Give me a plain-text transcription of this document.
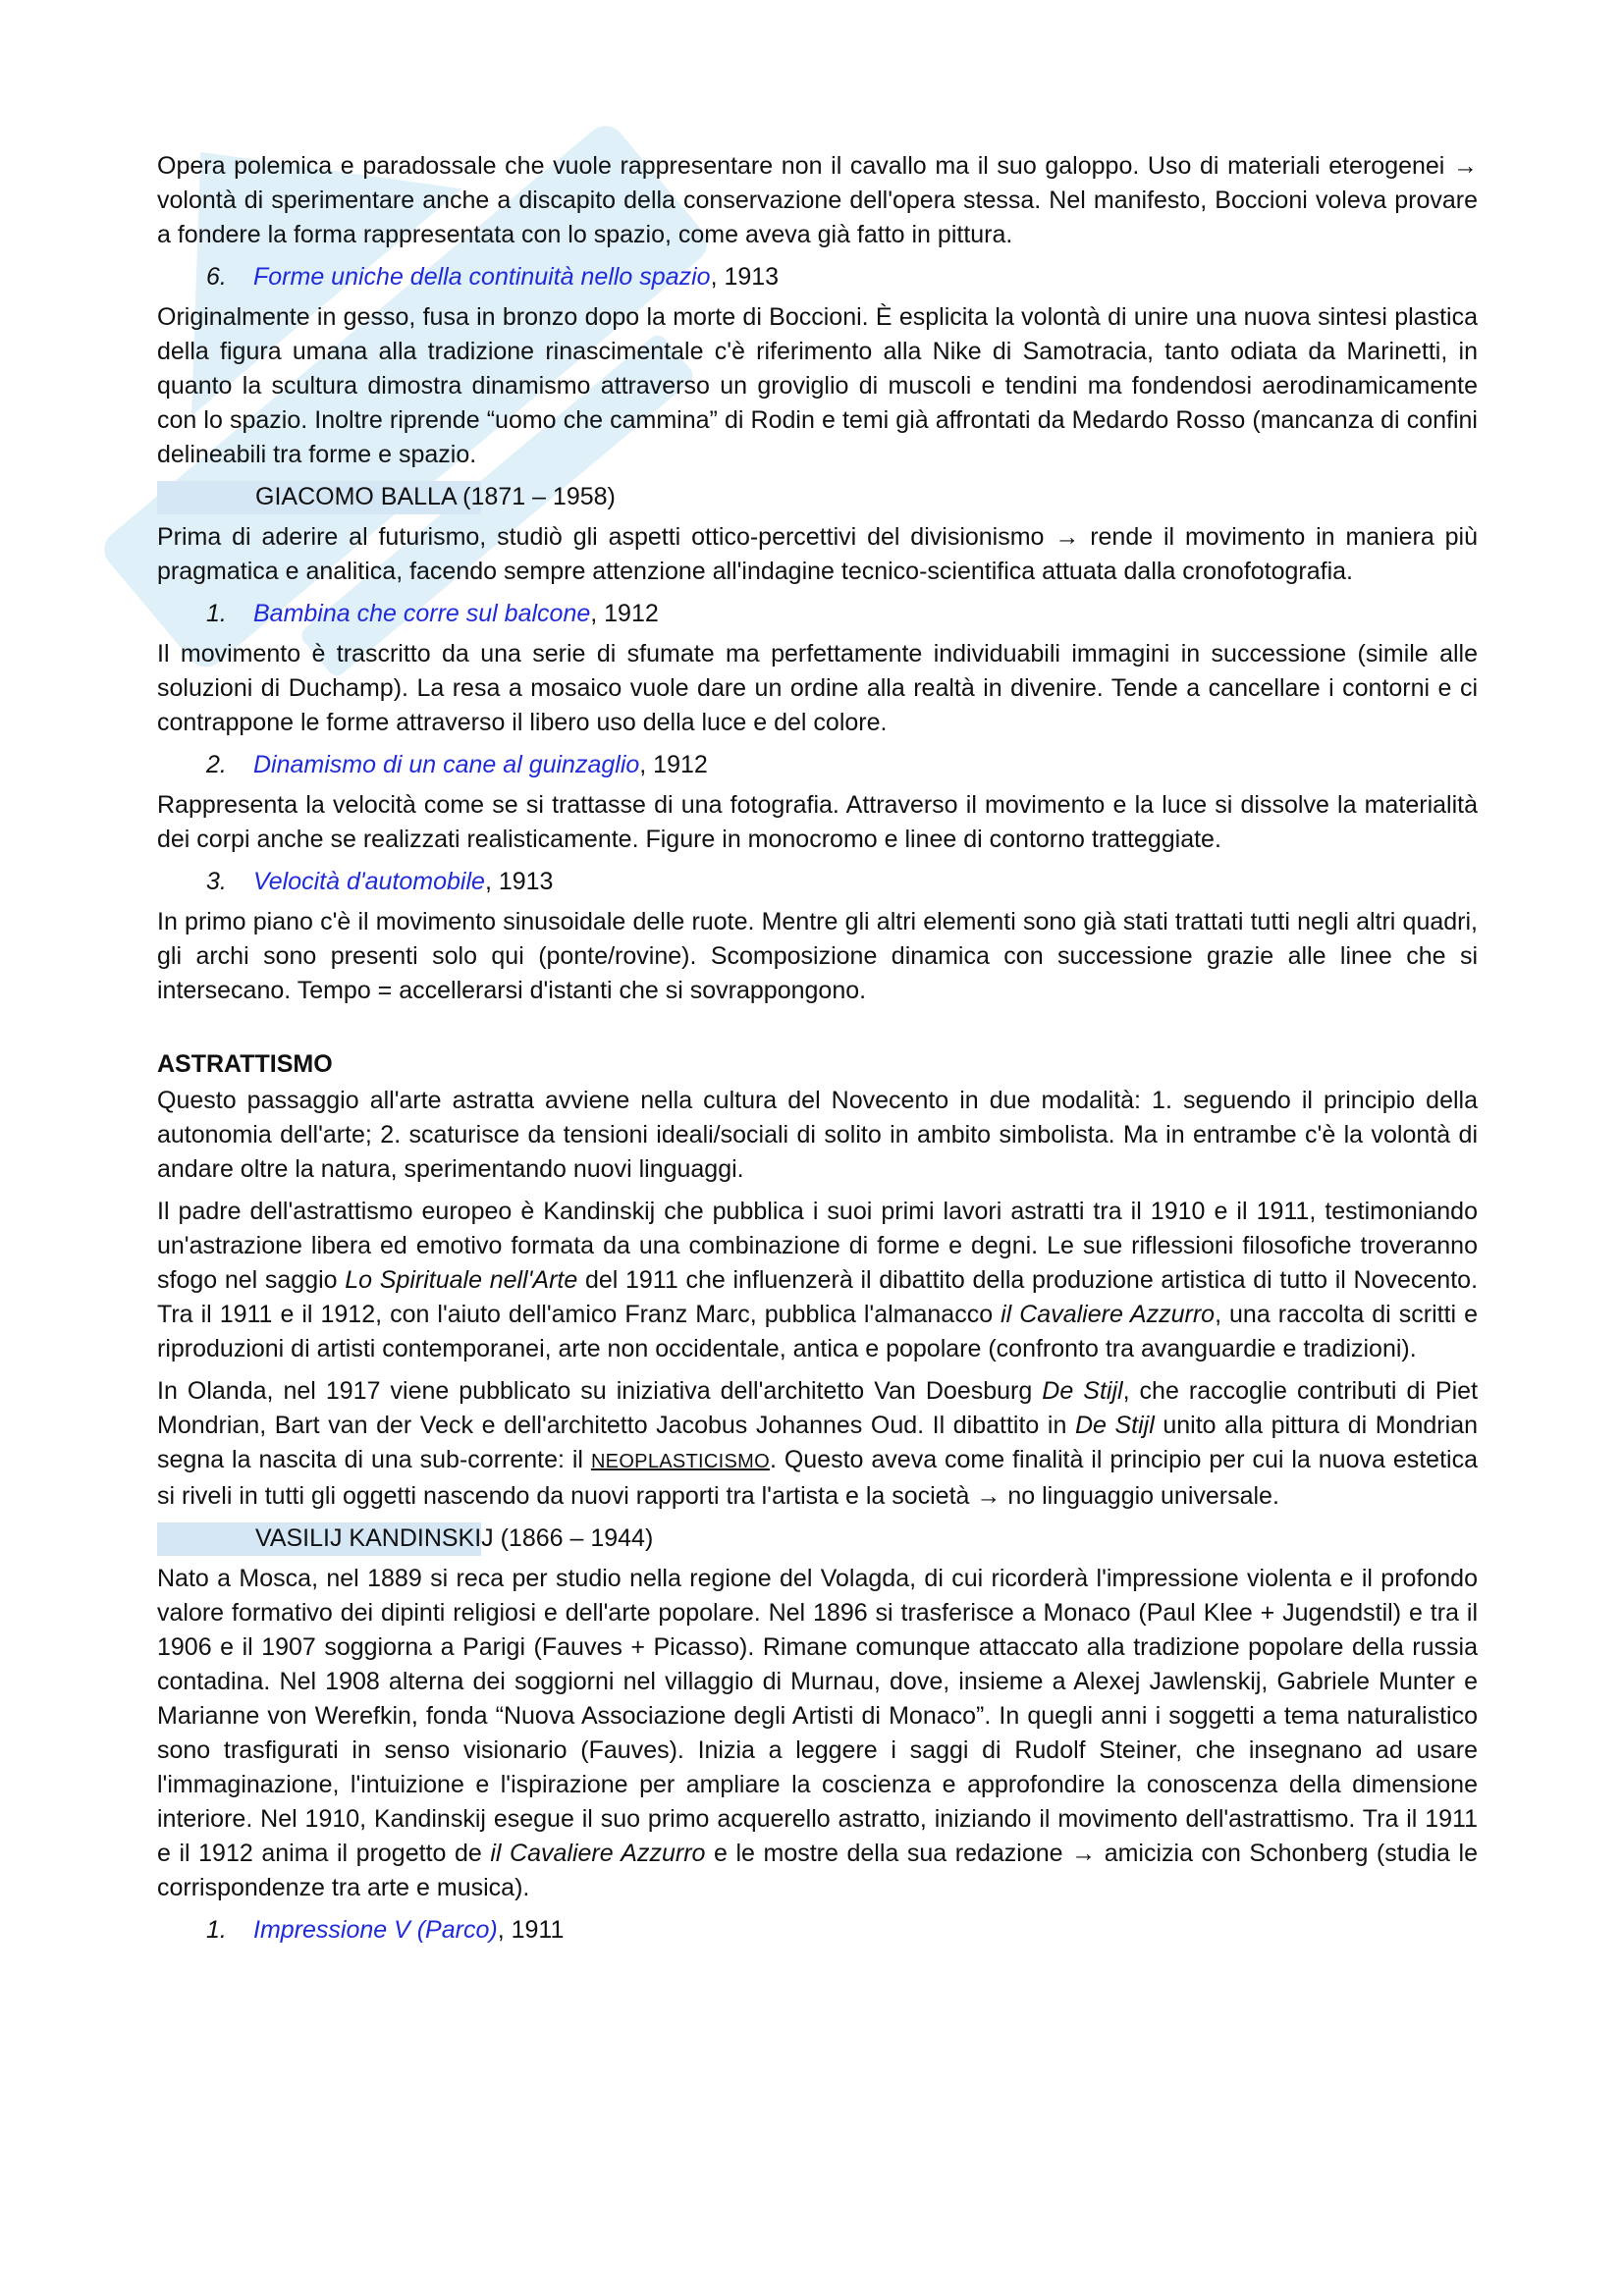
Opera polemica e paradossale che vuole rappresentare non il cavallo ma il suo galoppo. Uso di materiali eterogenei → volontà di sperimentare anche a discapito della conservazione dell'opera stessa. Nel manifesto, Boccioni voleva provare a fondere la forma rappresentata con lo spazio, come aveva già fatto in pittura.

6. Forme uniche della continuità nello spazio, 1913

Originalmente in gesso, fusa in bronzo dopo la morte di Boccioni. È esplicita la volontà di unire una nuova sintesi plastica della figura umana alla tradizione rinascimentale c'è riferimento alla Nike di Samotracia, tanto odiata da Marinetti, in quanto la scultura dimostra dinamismo attraverso un groviglio di muscoli e tendini ma fondendosi aerodinamicamente con lo spazio. Inoltre riprende “uomo che cammina” di Rodin e temi già affrontati da Medardo Rosso (mancanza di confini delineabili tra forme e spazio.

GIACOMO BALLA (1871 – 1958)

Prima di aderire al futurismo, studiò gli aspetti ottico-percettivi del divisionismo → rende il movimento in maniera più pragmatica e analitica, facendo sempre attenzione all'indagine tecnico-scientifica attuata dalla cronofotografia.

1. Bambina che corre sul balcone, 1912

Il movimento è trascritto da una serie di sfumate ma perfettamente individuabili immagini in successione (simile alle soluzioni di Duchamp). La resa a mosaico vuole dare un ordine alla realtà in divenire. Tende a cancellare i contorni e ci contrappone le forme attraverso il libero uso della luce e del colore.

2. Dinamismo di un cane al guinzaglio, 1912

Rappresenta la velocità come se si trattasse di una fotografia. Attraverso il movimento e la luce si dissolve la materialità dei corpi anche se realizzati realisticamente. Figure in monocromo e linee di contorno tratteggiate.

3. Velocità d'automobile, 1913

In primo piano c'è il movimento sinusoidale delle ruote. Mentre gli altri elementi sono già stati trattati tutti negli altri quadri, gli archi sono presenti solo qui (ponte/rovine). Scomposizione dinamica con successione grazie alle linee che si intersecano. Tempo = accellerarsi d'istanti che si sovrappongono.

ASTRATTISMO

Questo passaggio all'arte astratta avviene nella cultura del Novecento in due modalità: 1. seguendo il principio della autonomia dell'arte; 2. scaturisce da tensioni ideali/sociali di solito in ambito simbolista. Ma in entrambe c'è la volontà di andare oltre la natura, sperimentando nuovi linguaggi.

Il padre dell'astrattismo europeo è Kandinskij che pubblica i suoi primi lavori astratti tra il 1910 e il 1911, testimoniando un'astrazione libera ed emotivo formata da una combinazione di forme e degni. Le sue riflessioni filosofiche troveranno sfogo nel saggio Lo Spirituale nell'Arte del 1911 che influenzerà il dibattito della produzione artistica di tutto il Novecento. Tra il 1911 e il 1912, con l'aiuto dell'amico Franz Marc, pubblica l'almanacco il Cavaliere Azzurro, una raccolta di scritti e riproduzioni di artisti contemporanei, arte non occidentale, antica e popolare (confronto tra avanguardie e tradizioni).

In Olanda, nel 1917 viene pubblicato su iniziativa dell'architetto Van Doesburg De Stijl, che raccoglie contributi di Piet Mondrian, Bart van der Veck e dell'architetto Jacobus Johannes Oud. Il dibattito in De Stijl unito alla pittura di Mondrian segna la nascita di una sub-corrente: il NEOPLASTICISMO. Questo aveva come finalità il principio per cui la nuova estetica si riveli in tutti gli oggetti nascendo da nuovi rapporti tra l'artista e la società → no linguaggio universale.

VASILIJ KANDINSKIJ (1866 – 1944)

Nato a Mosca, nel 1889 si reca per studio nella regione del Volagda, di cui ricorderà l'impressione violenta e il profondo valore formativo dei dipinti religiosi e dell'arte popolare. Nel 1896 si trasferisce a Monaco (Paul Klee + Jugendstil) e tra il 1906 e il 1907 soggiorna a Parigi (Fauves + Picasso). Rimane comunque attaccato alla tradizione popolare della russia contadina. Nel 1908 alterna dei soggiorni nel villaggio di Murnau, dove, insieme a Alexej Jawlenskij, Gabriele Munter e Marianne von Werefkin, fonda “Nuova Associazione degli Artisti di Monaco”. In quegli anni i soggetti a tema naturalistico sono trasfigurati in senso visionario (Fauves). Inizia a leggere i saggi di Rudolf Steiner, che insegnano ad usare l'immaginazione, l'intuizione e l'ispirazione per ampliare la coscienza e approfondire la conoscenza della dimensione interiore. Nel 1910, Kandinskij esegue il suo primo acquerello astratto, iniziando il movimento dell'astrattismo. Tra il 1911 e il 1912 anima il progetto de il Cavaliere Azzurro e le mostre della sua redazione → amicizia con Schonberg (studia le corrispondenze tra arte e musica).

1. Impressione V (Parco), 1911
